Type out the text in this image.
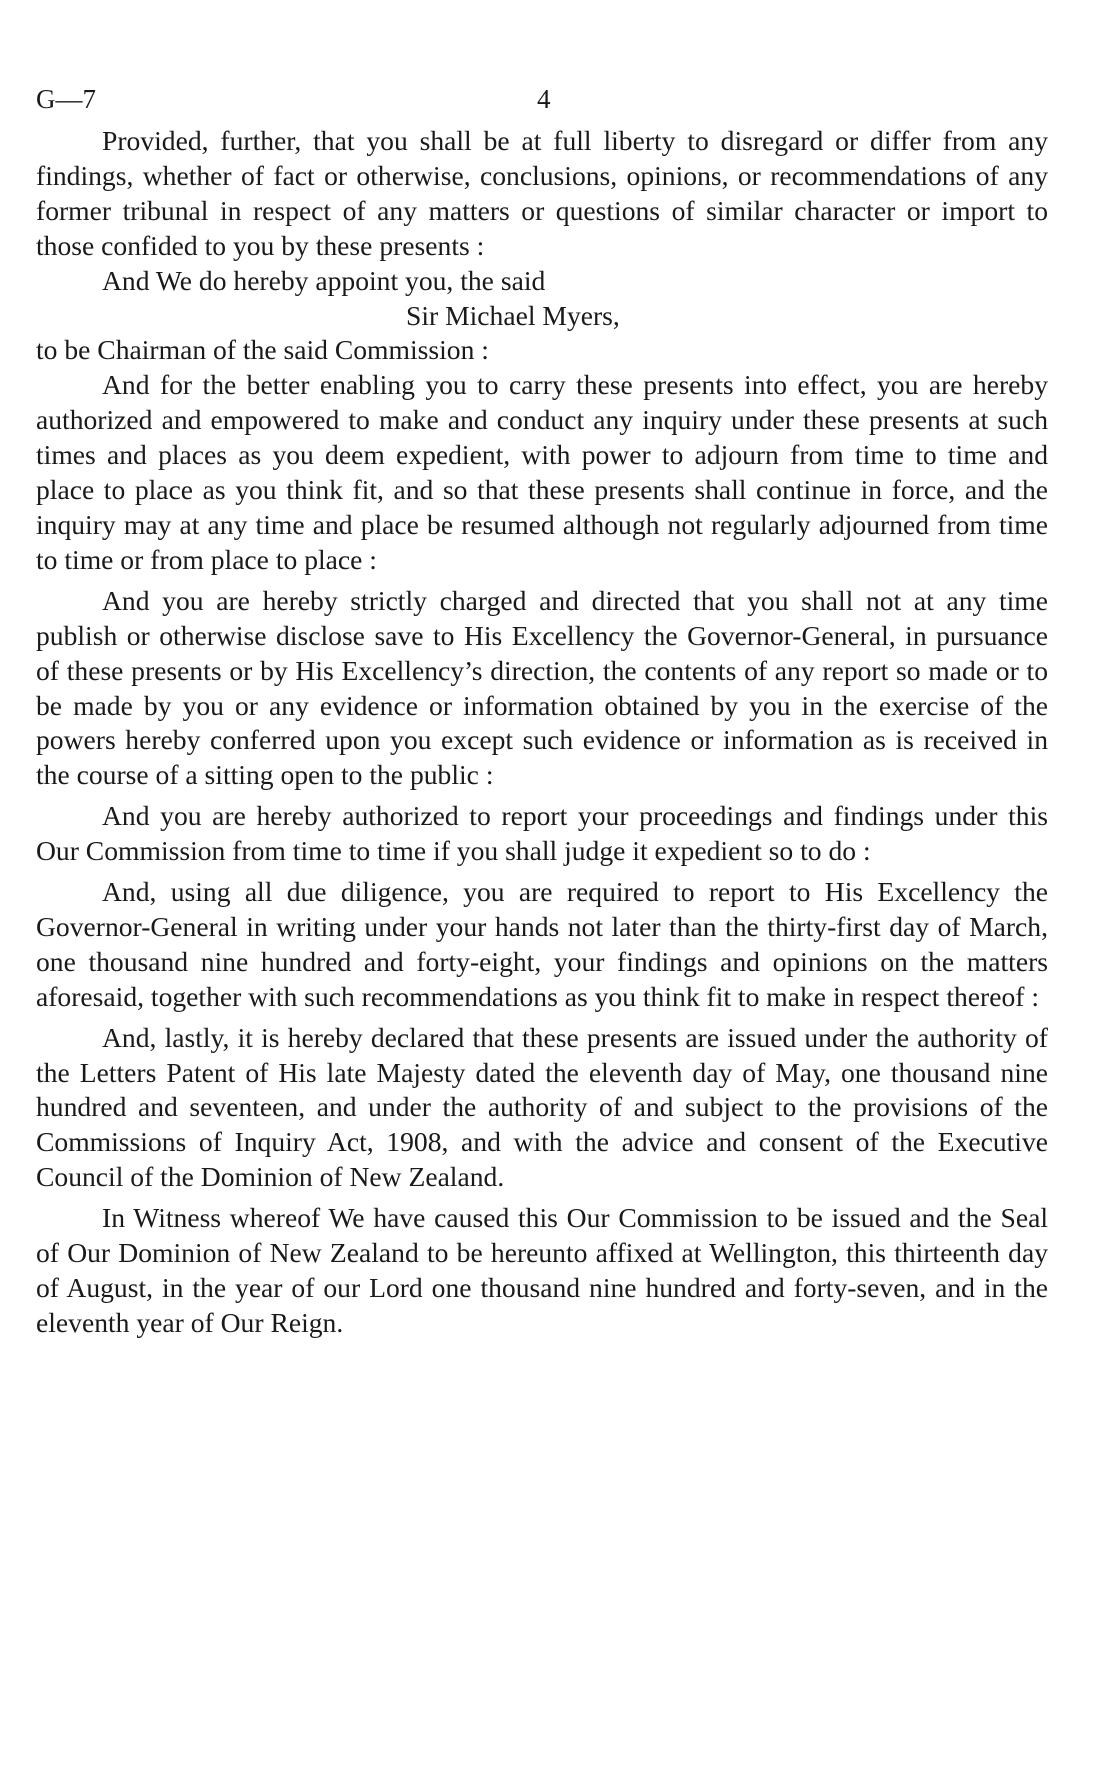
G—7	4

Provided, further, that you shall be at full liberty to disregard or differ from any findings, whether of fact or otherwise, conclusions, opinions, or recommendations of any former tribunal in respect of any matters or questions of similar character or import to those confided to you by these presents :

And We do hereby appoint you, the said

Sir Michael Myers,

to be Chairman of the said Commission :

And for the better enabling you to carry these presents into effect, you are hereby authorized and empowered to make and conduct any inquiry under these presents at such times and places as you deem expedient, with power to adjourn from time to time and place to place as you think fit, and so that these presents shall continue in force, and the inquiry may at any time and place be resumed although not regularly adjourned from time to time or from place to place :

And you are hereby strictly charged and directed that you shall not at any time publish or otherwise disclose save to His Excellency the Governor-General, in pursuance of these presents or by His Excellency’s direction, the contents of any report so made or to be made by you or any evidence or information obtained by you in the exercise of the powers hereby conferred upon you except such evidence or information as is received in the course of a sitting open to the public :

And you are hereby authorized to report your proceedings and findings under this Our Commission from time to time if you shall judge it expedient so to do :

And, using all due diligence, you are required to report to His Excellency the Governor-General in writing under your hands not later than the thirty-first day of March, one thousand nine hundred and forty-eight, your findings and opinions on the matters aforesaid, together with such recommendations as you think fit to make in respect thereof :

And, lastly, it is hereby declared that these presents are issued under the authority of the Letters Patent of His late Majesty dated the eleventh day of May, one thousand nine hundred and seventeen, and under the authority of and subject to the provisions of the Commissions of Inquiry Act, 1908, and with the advice and consent of the Executive Council of the Dominion of New Zealand.

In Witness whereof We have caused this Our Commission to be issued and the Seal of Our Dominion of New Zealand to be hereunto affixed at Wellington, this thirteenth day of August, in the year of our Lord one thousand nine hundred and forty-seven, and in the eleventh year of Our Reign.
